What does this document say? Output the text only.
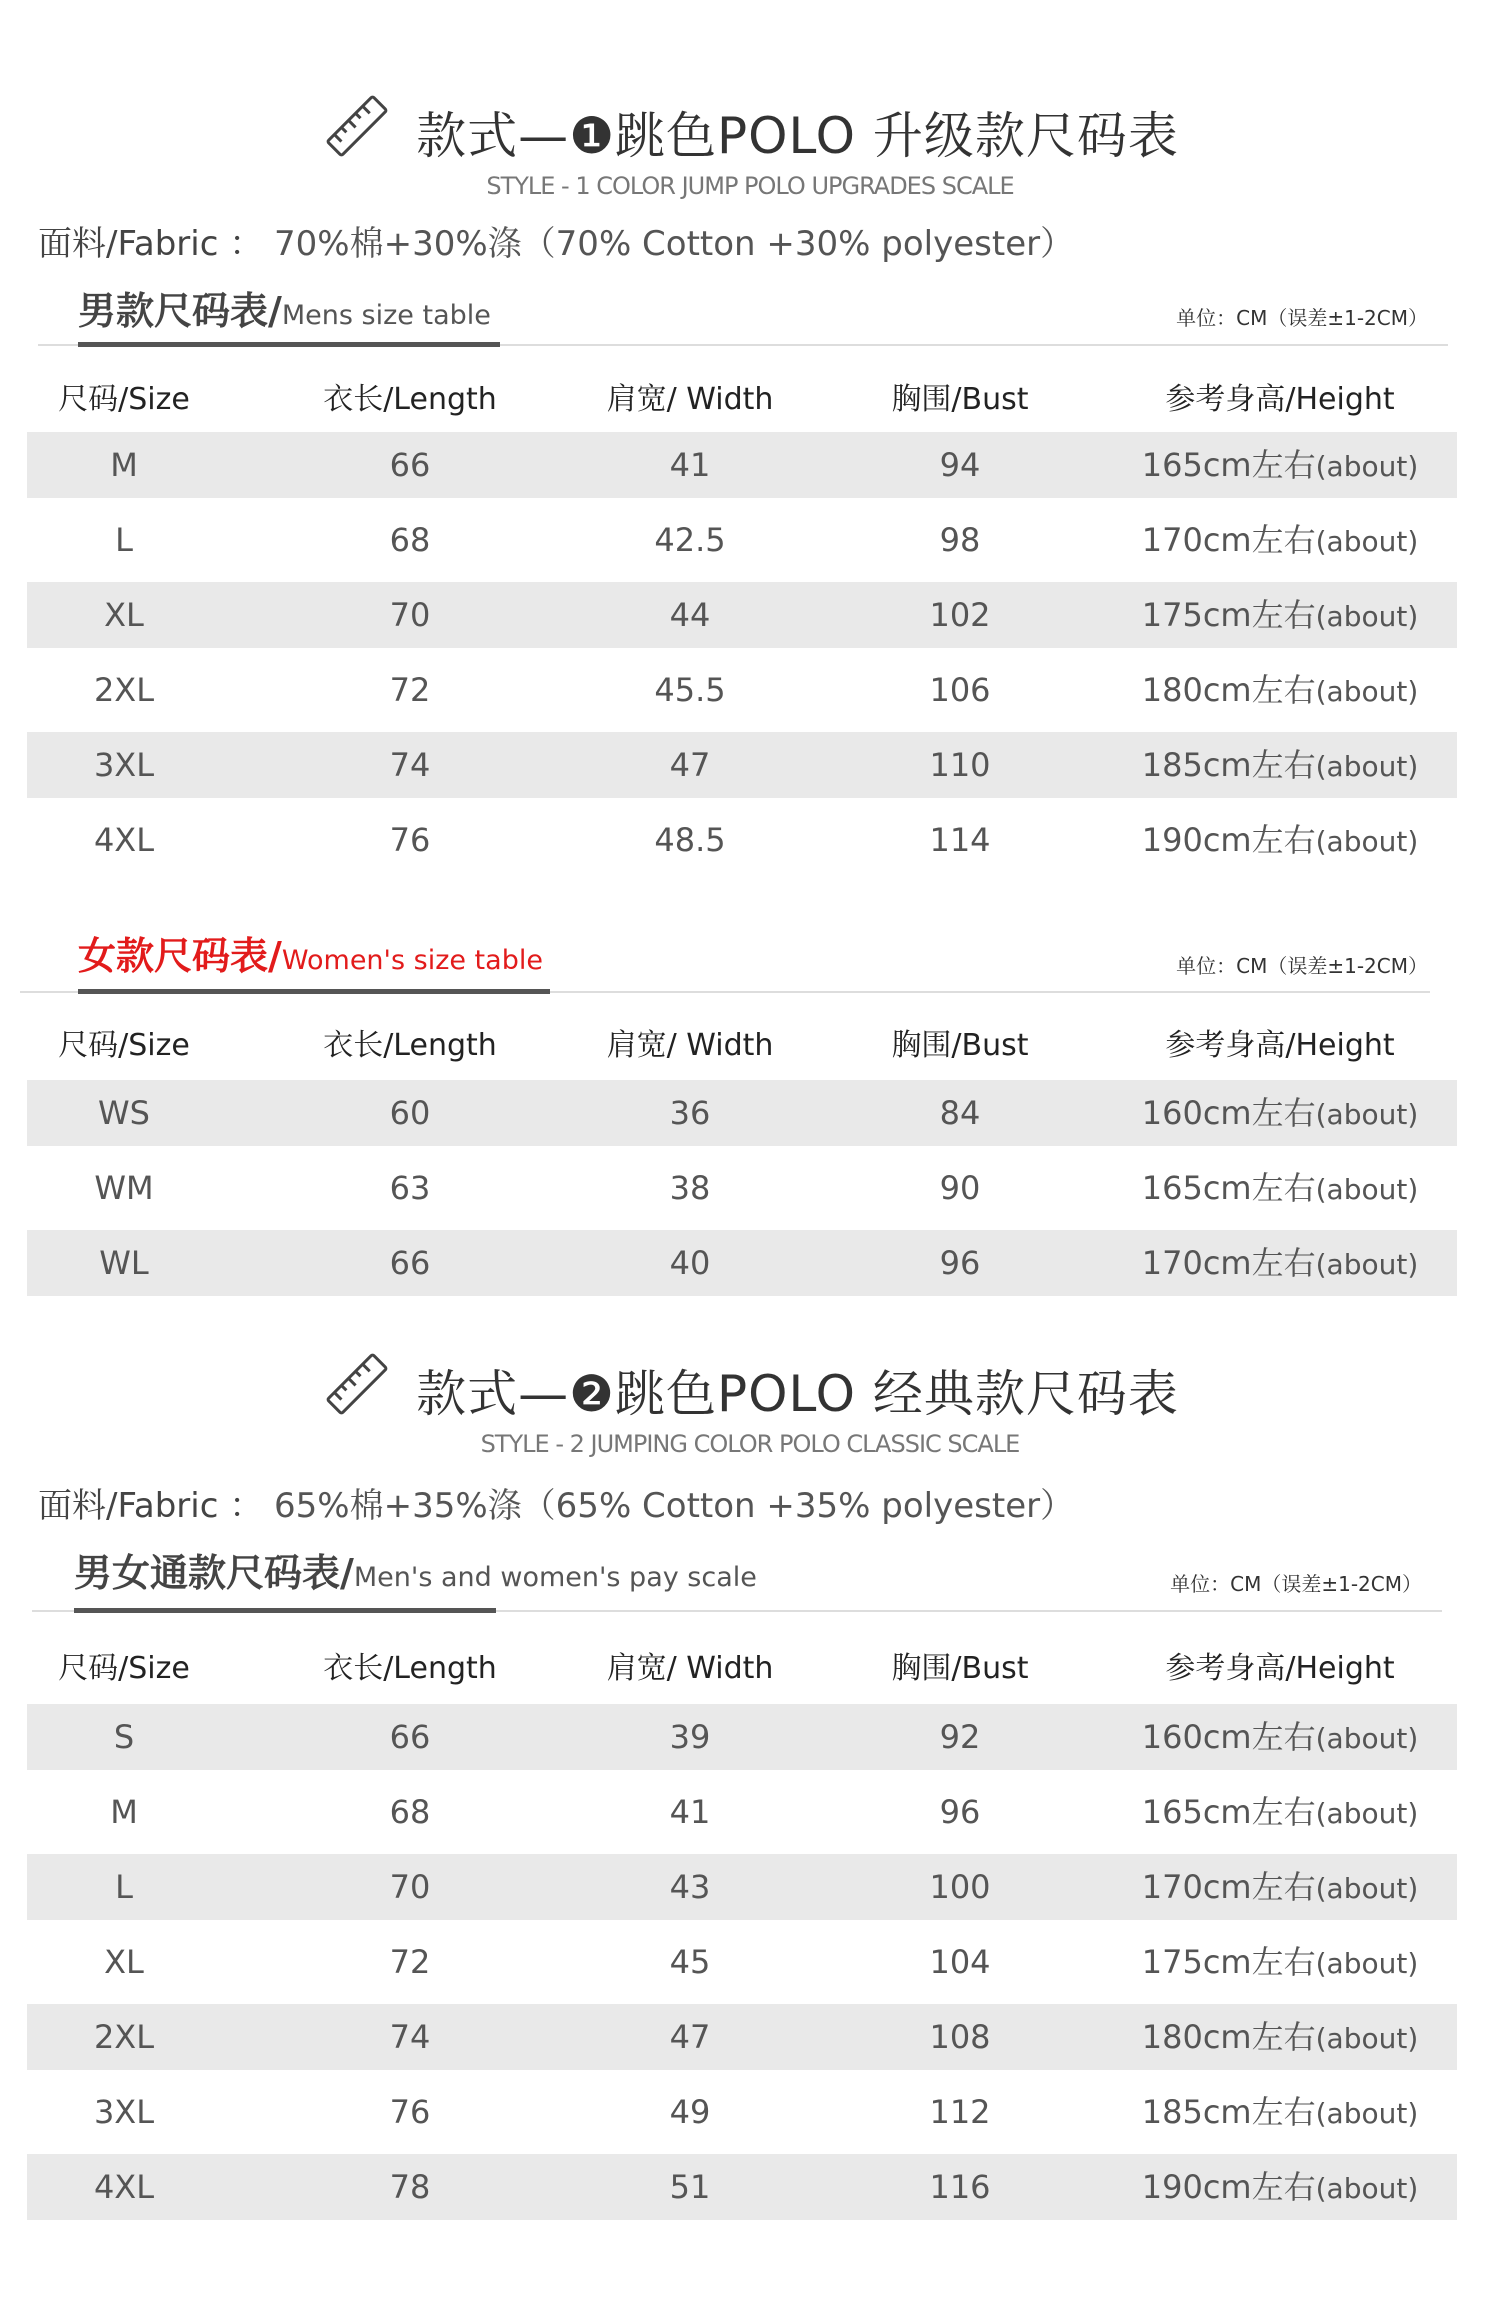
款式—❶跳色POLO 升级款尺码表
STYLE - 1 COLOR JUMP POLO UPGRADES SCALE
面料/Fabric ： 70%棉+30%涤（70% Cotton +30% polyester）
男款尺码表/Mens size table	单位：CM（误差±1-2CM）
尺码/Size	衣长/Length	肩宽/ Width	胸围/Bust	参考身高/Height
M	66	41	94	165cm左右(about)
L	68	42.5	98	170cm左右(about)
XL	70	44	102	175cm左右(about)
2XL	72	45.5	106	180cm左右(about)
3XL	74	47	110	185cm左右(about)
4XL	76	48.5	114	190cm左右(about)
女款尺码表/Women's size table	单位：CM（误差±1-2CM）
尺码/Size	衣长/Length	肩宽/ Width	胸围/Bust	参考身高/Height
WS	60	36	84	160cm左右(about)
WM	63	38	90	165cm左右(about)
WL	66	40	96	170cm左右(about)
款式—❷跳色POLO 经典款尺码表
STYLE - 2 JUMPING COLOR POLO CLASSIC SCALE
面料/Fabric ： 65%棉+35%涤（65% Cotton +35% polyester）
男女通款尺码表/Men's and women's pay scale	单位：CM（误差±1-2CM）
尺码/Size	衣长/Length	肩宽/ Width	胸围/Bust	参考身高/Height
S	66	39	92	160cm左右(about)
M	68	41	96	165cm左右(about)
L	70	43	100	170cm左右(about)
XL	72	45	104	175cm左右(about)
2XL	74	47	108	180cm左右(about)
3XL	76	49	112	185cm左右(about)
4XL	78	51	116	190cm左右(about)
